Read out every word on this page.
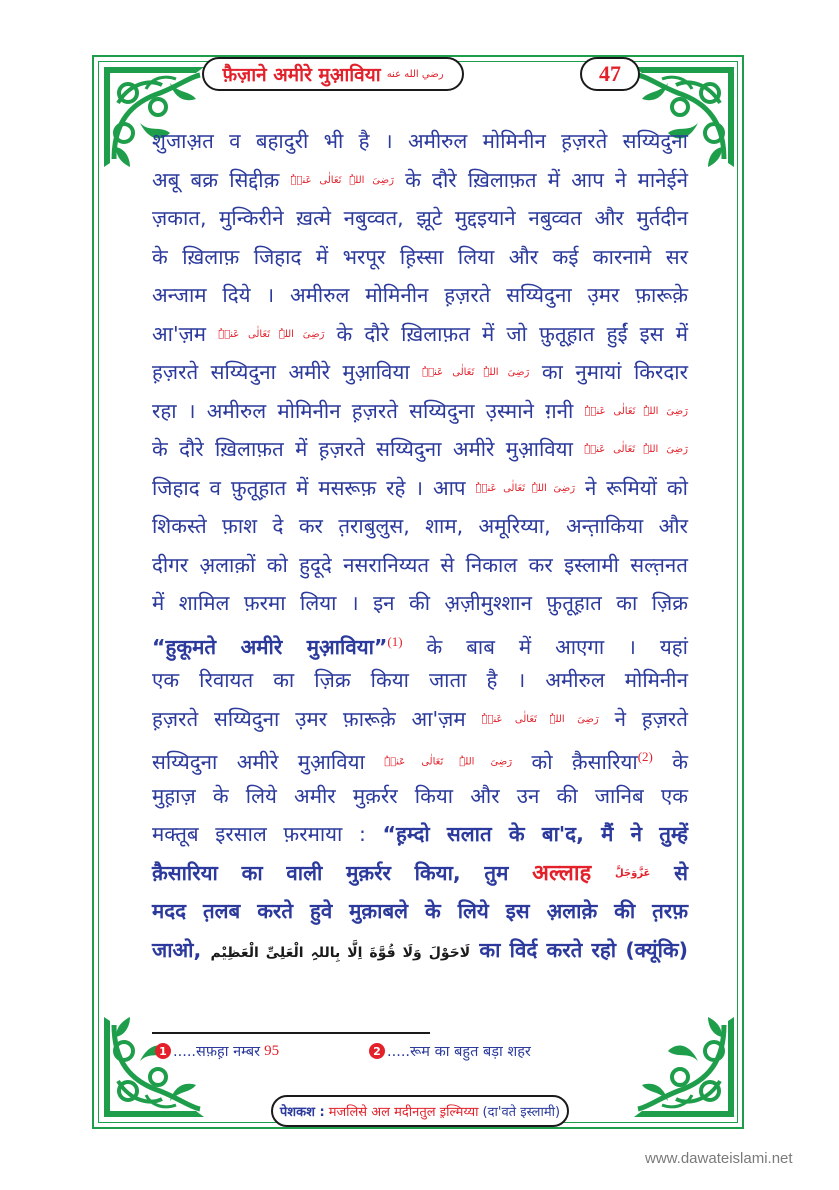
फ़ैज़ाने अमीरे मुआ़विया رضي الله عنه	47
शुजाअ़त व बहादुरी भी है । अमीरुल मोमिनीन ह़ज़रते सय्यिदुना
अबू बक्र सिद्दीक़ رَضِیَ اللہُ تَعَالٰی عَنۡہُ के दौरे ख़िलाफ़त में आप ने मानेईने
ज़कात, मुन्किरीने ख़त्मे नबुव्वत, झूटे मुद्दइयाने नबुव्वत और मुर्तदीन
के ख़िलाफ़ जिहाद में भरपूर ह़िस्सा लिया और कई कारनामे सर
अन्जाम दिये । अमीरुल मोमिनीन ह़ज़रते सय्यिदुना उ़मर फ़ारूक़े
आ'ज़म رَضِیَ اللہُ تَعَالٰی عَنۡہُ के दौरे ख़िलाफ़त में जो फ़ुतूह़ात हुईं इस में
ह़ज़रते सय्यिदुना अमीरे मुआ़विया رَضِیَ اللہُ تَعَالٰی عَنۡہُ का नुमायां किरदार
रहा । अमीरुल मोमिनीन ह़ज़रते सय्यिदुना उ़स्माने ग़नी رَضِیَ اللہُ تَعَالٰی عَنۡہُ
के दौरे ख़िलाफ़त में ह़ज़रते सय्यिदुना अमीरे मुआ़विया رَضِیَ اللہُ تَعَالٰی عَنۡہُ
जिहाद व फ़ुतूह़ात में मसरूफ़ रहे । आप رَضِیَ اللہُ تَعَالٰی عَنۡہُ ने रूमियों को
शिकस्ते फ़ाश दे कर त़राबुलुस, शाम, अमूरिय्या, अन्त़ाकिया और
दीगर अ़लाक़ों को हुदूदे नसरानिय्यत से निकाल कर इस्लामी सल्त़नत
में शामिल फ़रमा लिया । इन की अ़ज़ीमुश्शान फ़ुतूह़ात का ज़िक्र
“हुकूमते अमीरे मुआ़विया”$^{(1)}$ के बाब में आएगा । यहां
एक रिवायत का ज़िक्र किया जाता है । अमीरुल मोमिनीन
ह़ज़रते सय्यिदुना उ़मर फ़ारूक़े आ'ज़म رَضِیَ اللہُ تَعَالٰی عَنۡہُ ने ह़ज़रते
सय्यिदुना अमीरे मुआ़विया رَضِیَ اللہُ تَعَالٰی عَنۡہُ को क़ैसारिया$^{(2)}$ के
मुह़ाज़ के लिये अमीर मुक़र्रर किया और उन की जानिब एक
मक्तूब इरसाल फ़रमाया : “ह़म्दो सलात के बा'द, मैं ने तुम्हें
क़ैसारिया का वाली मुक़र्रर किया, तुम अल्लाह عَزَّوَجَلَّ से
मदद त़लब करते हुवे मुक़ाबले के लिये इस अ़लाक़े की त़रफ़
जाओ, لَاحَوْلَ وَلَا قُوَّةَ اِلَّا بِاللہِ الْعَلِیِّ الْعَظِیْم का विर्द करते रहो (क्यूंकि)
1 .....सफ़ह़ा नम्बर 95	2 .....रूम का बहुत बड़ा शहर
पेशकश : मजलिसे अल मदीनतुल इ़ल्मिय्या (दा'वते इस्लामी)
www.dawateislami.net
